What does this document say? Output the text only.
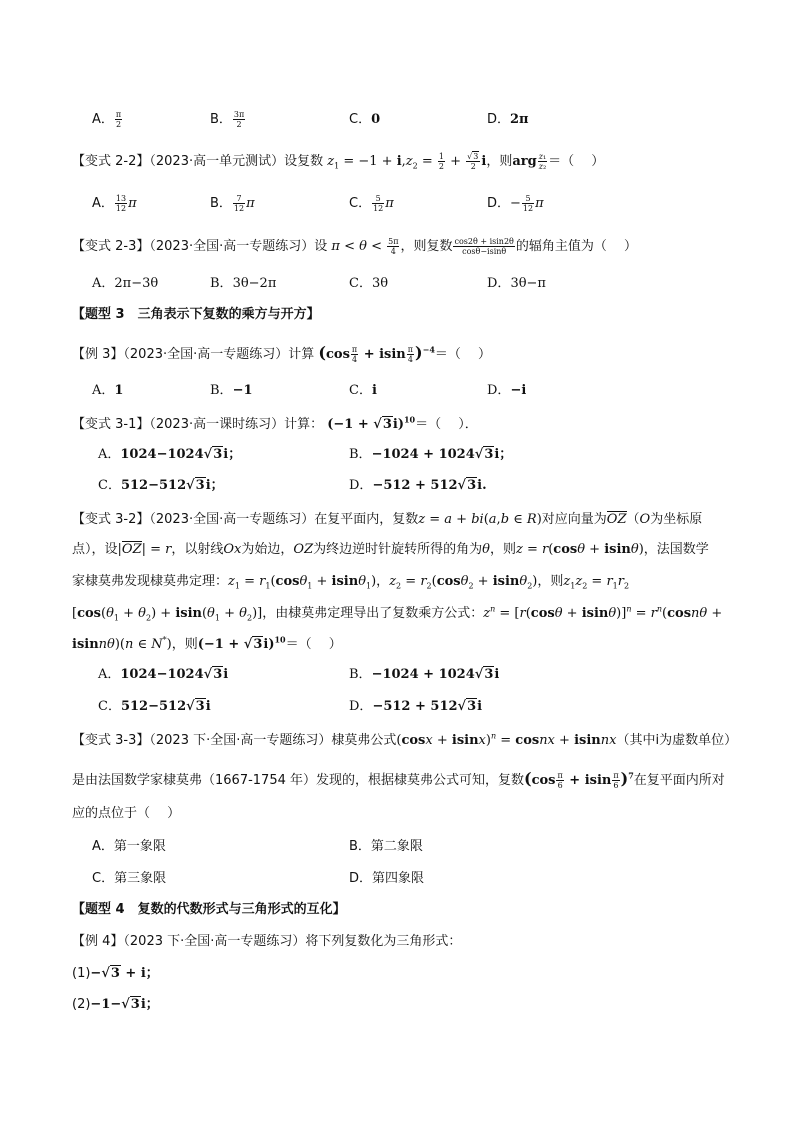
A． $\frac{\pi}{2}$	B． $\frac{3\pi}{2}$	C．0	D．2π
【变式 2-2】（2023·高一单元测试）设复数 $z_1 = -1 + i,z_2 = \frac{1}{2} + \frac{√3}{2}$ i，则arg $\frac{\text{z₁}}{\text{z₂}}$ ＝（　 ）
A． $\frac{13}{12}$ π	B． $\frac{7}{12}$ π	C． $\frac{5}{12}$ π	D．− $\frac{5}{12}$ π
【变式 2-3】（2023·全国·高一专题练习）设 $\pi < \theta < \frac{5\pi}{4}$ ，则复数 $\frac{\cos 2\theta + isin2\theta}{\cos\theta-isin\theta}$ 的辐角主值为（　 ）
A．2π−3θ	B．3θ−2π	C．3θ	D．3θ−π
【题型 3　三角表示下复数的乘方与开方】
【例 3】（2023·全国·高一专题练习）计算 $(\cos \frac{\pi}{4} + isin \frac{\pi}{4} )^{-4}=$（　 ）
A．1	B．−1	C．i	D．−i
【变式 3-1】（2023·高一课时练习）计算： $(-1 + √3i)^{10}=$（　 ）．
A．1024−1024√3i；	B．−1024 + 1024√3i；
C．512−512√3i；	D．−512 + 512√3i.
【变式 3-2】（2023·全国·高一专题练习）在复平面内，复数z = a + bi(a,b ∈ R)对应向量为OZ（O为坐标原
点），设|OZ| = r，以射线Ox为始边，OZ为终边逆时针旋转所得的角为θ，则z = r(cosθ + isinθ)，法国数学
家棣莫弗发现棣莫弗定理：$z_1 = r_1(\cos\theta_1 + isin\theta_1)$，$z_2 = r_2(\cos\theta_2 + isin\theta_2)$，则$z_1z_2 = r_1r_2$
$[\cos(\theta_1 + \theta_2) + isin(\theta_1 + \theta_2)]$，由棣莫弗定理导出了复数乘方公式：$z^n = [r(\cos\theta + isin\theta)]^n = r^n(\cos n\theta$ +
isinnθ)(n ∈ N*)，则$(-1 + √3i)^{10}=$（　 ）
A．1024−1024√3i	B．−1024 + 1024√3i
C．512−512√3i	D．−512 + 512√3i
【变式 3-3】（2023 下·全国·高一专题练习）棣莫弗公式$(\cos x + isinx)^n$ = cosnx + isinnx（其中i为虚数单位）
是由法国数学家棣莫弗（1667-1754 年）发现的，根据棣莫弗公式可知，复数$(\cos \frac{\pi}{6} + isin \frac{\pi}{6} )^7$在复平面内所对
应的点位于（　 ）
A．第一象限	B．第二象限
C．第三象限	D．第四象限
【题型 4　复数的代数形式与三角形式的互化】
【例 4】（2023 下·全国·高一专题练习）将下列复数化为三角形式：
(1)−√3 + i；
(2)−1−√3i；
